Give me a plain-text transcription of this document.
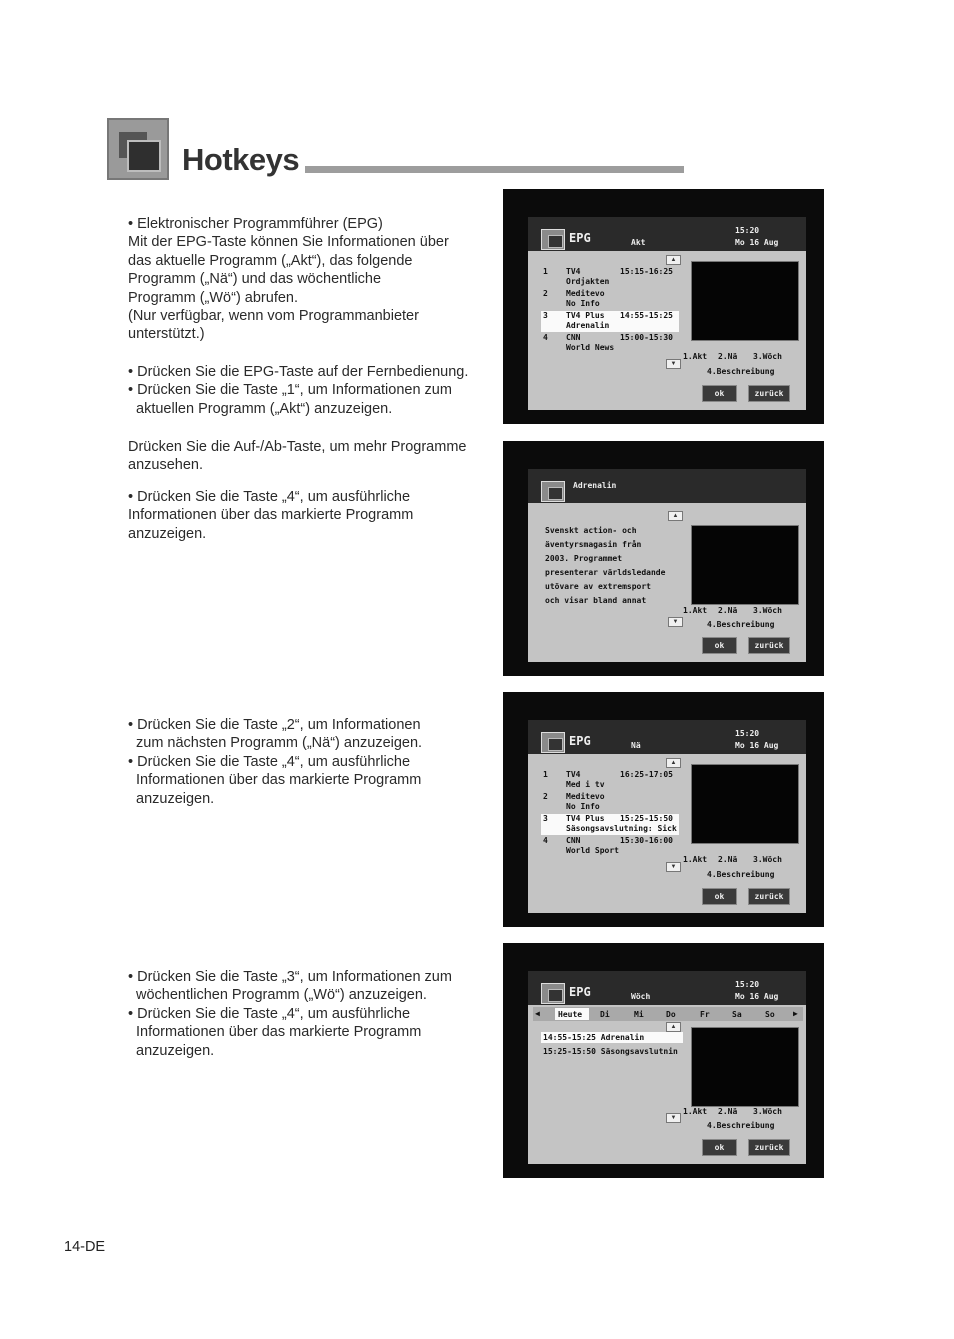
Hotkeys

• Elektronischer Programmführer (EPG)

Mit der EPG-Taste können Sie Informationen über

das aktuelle Programm („Akt“), das folgende

Programm („Nä“) und das wöchentliche

Programm („Wö“) abrufen.

(Nur verfügbar, wenn vom Programmanbieter

unterstützt.)

• Drücken Sie die EPG-Taste auf der Fernbedienung.

• Drücken Sie die Taste „1“, um Informationen zum

aktuellen Programm („Akt“) anzuzeigen.

Drücken Sie die Auf-/Ab-Taste, um mehr Programme

anzusehen.

• Drücken Sie die Taste „4“, um ausführliche

Informationen über das markierte Programm

anzuzeigen.

• Drücken Sie die Taste „2“, um Informationen

zum nächsten Programm („Nä“) anzuzeigen.

• Drücken Sie die Taste „4“, um ausführliche

Informationen über das markierte Programm

anzuzeigen.

• Drücken Sie die Taste „3“, um Informationen zum

wöchentlichen Programm („Wö“) anzuzeigen.

• Drücken Sie die Taste „4“, um ausführliche

Informationen über das markierte Programm

anzuzeigen.

EPG	Akt
15:20
Mo 16 Aug
▲
1 TV4	15:15-16:25
Ordjakten
2 Meditevo
No Info
3 TV4 Plus 14:55-15:25
Adrenalin
4 CNN	15:00-15:30
World News
▼
1.Akt 2.Nä 3.Wöch
4.Beschreibung
ok	zurück
Adrenalin
▲
Svenskt action- och
äventyrsmagasin från
2003. Programmet
presenterar världsledande
utövare av extremsport
och visar bland annat
▼
1.Akt 2.Nä 3.Wöch
4.Beschreibung
ok	zurück
EPG	Nä
15:20
Mo 16 Aug
▲
1 TV4	16:25-17:05
Med i tv
2 Meditevo
No Info
3 TV4 Plus 15:25-15:50
Säsongsavslutning: Sick
4 CNN	15:30-16:00
World Sport
▼
1.Akt 2.Nä 3.Wöch
4.Beschreibung
ok	zurück
EPG	Wöch
15:20
Mo 16 Aug
◀ Heute Di	Mi	Do	Fr	Sa	So ▶
▲
14:55-15:25 Adrenalin
15:25-15:50 Säsongsavslutnin
▼
1.Akt 2.Nä 3.Wöch
4.Beschreibung
ok	zurück
14-DE
